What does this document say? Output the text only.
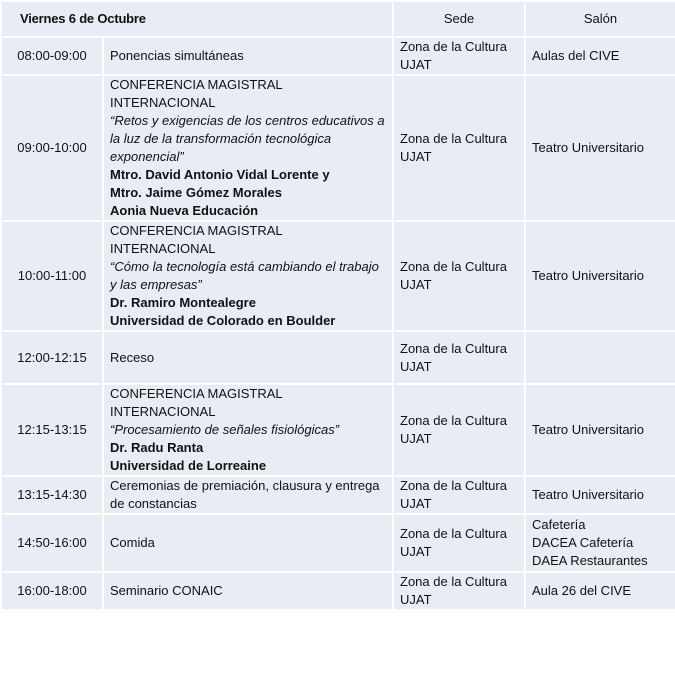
Viernes 6 de Octubre		Sede	Salón
08:00-09:00	Ponencias simultáneas	Zona de la Cultura UJAT	Aulas del CIVE

09:00-10:00	CONFERENCIA MAGISTRAL INTERNACIONAL
“Retos y exigencias de los centros educativos a la luz de la transformación tecnológica exponencial”
Mtro. David Antonio Vidal Lorente y
Mtro. Jaime Gómez Morales
Aonia Nueva Educación	Zona de la Cultura UJAT	Teatro Universitario

10:00-11:00	CONFERENCIA MAGISTRAL INTERNACIONAL
“Cómo la tecnología está cambiando el trabajo y las empresas”
Dr. Ramiro Montealegre
Universidad de Colorado en Boulder	Zona de la Cultura UJAT	Teatro Universitario

12:00-12:15	Receso	Zona de la Cultura UJAT	
12:15-13:15	CONFERENCIA MAGISTRAL INTERNACIONAL
“Procesamiento de señales fisiológicas”
Dr. Radu Ranta
Universidad de Lorreaine	Zona de la Cultura UJAT	Teatro Universitario

13:15-14:30	Ceremonias de premiación, clausura y entrega de constancias	Zona de la Cultura UJAT	Teatro Universitario

14:50-16:00	Comida	Zona de la Cultura UJAT	Cafetería
DACEA Cafetería
DAEA Restaurantes

16:00-18:00	Seminario CONAIC	Zona de la Cultura UJAT	Aula 26 del CIVE
